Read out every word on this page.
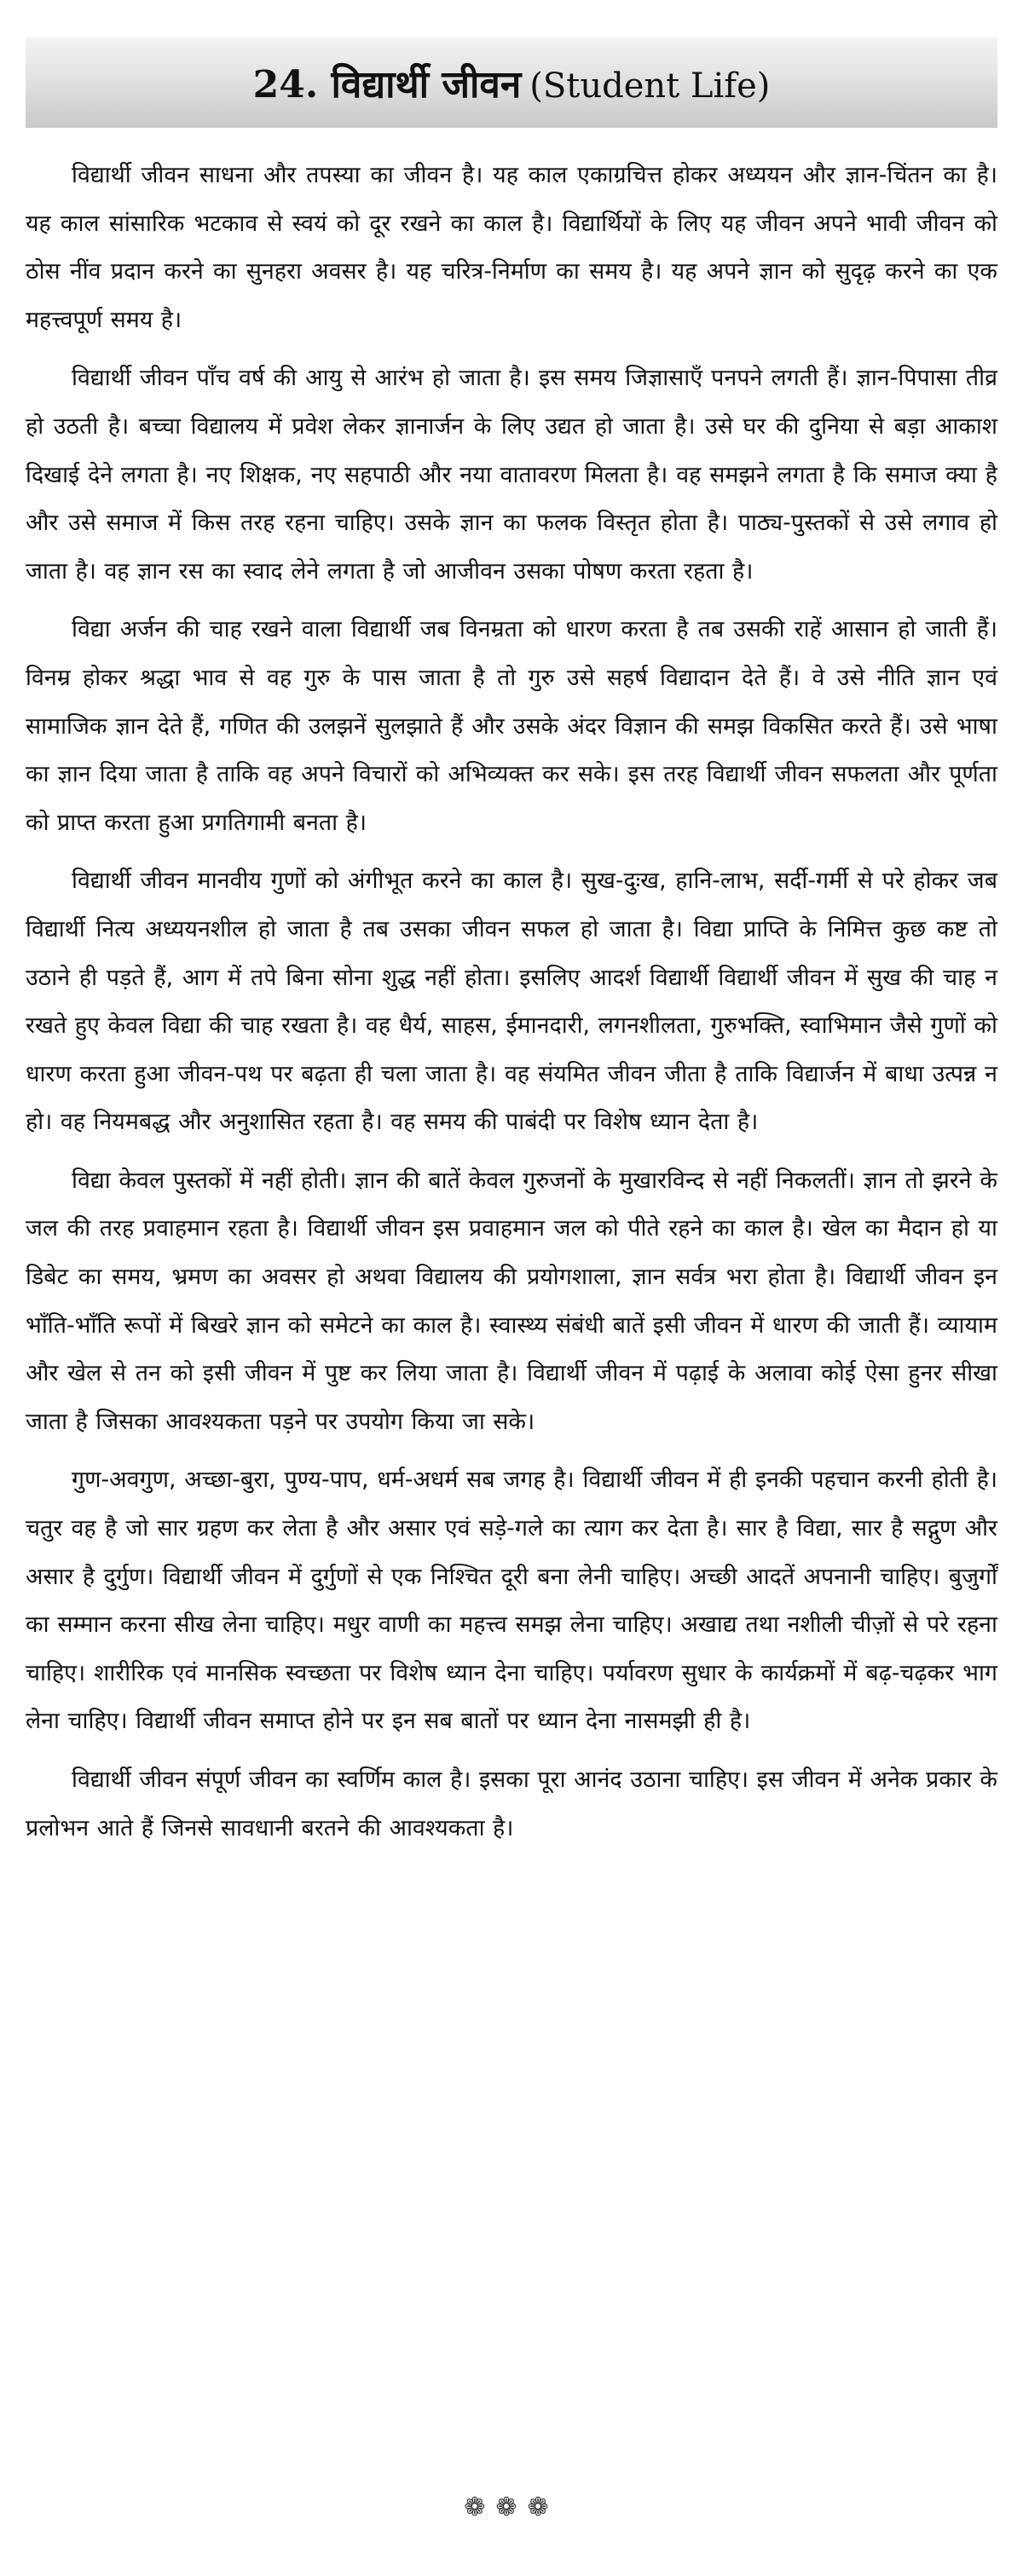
24. विद्यार्थी जीवन (Student Life)

विद्यार्थी जीवन साधना और तपस्या का जीवन है। यह काल एकाग्रचित्त होकर अध्ययन और ज्ञान-चिंतन का है। यह काल सांसारिक भटकाव से स्वयं को दूर रखने का काल है। विद्यार्थियों के लिए यह जीवन अपने भावी जीवन को ठोस नींव प्रदान करने का सुनहरा अवसर है। यह चरित्र-निर्माण का समय है। यह अपने ज्ञान को सुदृढ़ करने का एक महत्त्वपूर्ण समय है।

विद्यार्थी जीवन पाँच वर्ष की आयु से आरंभ हो जाता है। इस समय जिज्ञासाएँ पनपने लगती हैं। ज्ञान-पिपासा तीव्र हो उठती है। बच्चा विद्यालय में प्रवेश लेकर ज्ञानार्जन के लिए उद्यत हो जाता है। उसे घर की दुनिया से बड़ा आकाश दिखाई देने लगता है। नए शिक्षक, नए सहपाठी और नया वातावरण मिलता है। वह समझने लगता है कि समाज क्या है और उसे समाज में किस तरह रहना चाहिए। उसके ज्ञान का फलक विस्तृत होता है। पाठ्य-पुस्तकों से उसे लगाव हो जाता है। वह ज्ञान रस का स्वाद लेने लगता है जो आजीवन उसका पोषण करता रहता है।

विद्या अर्जन की चाह रखने वाला विद्यार्थी जब विनम्रता को धारण करता है तब उसकी राहें आसान हो जाती हैं। विनम्र होकर श्रद्धा भाव से वह गुरु के पास जाता है तो गुरु उसे सहर्ष विद्यादान देते हैं। वे उसे नीति ज्ञान एवं सामाजिक ज्ञान देते हैं, गणित की उलझनें सुलझाते हैं और उसके अंदर विज्ञान की समझ विकसित करते हैं। उसे भाषा का ज्ञान दिया जाता है ताकि वह अपने विचारों को अभिव्यक्त कर सके। इस तरह विद्यार्थी जीवन सफलता और पूर्णता को प्राप्त करता हुआ प्रगतिगामी बनता है।

विद्यार्थी जीवन मानवीय गुणों को अंगीभूत करने का काल है। सुख-दुःख, हानि-लाभ, सर्दी-गर्मी से परे होकर जब विद्यार्थी नित्य अध्ययनशील हो जाता है तब उसका जीवन सफल हो जाता है। विद्या प्राप्ति के निमित्त कुछ कष्ट तो उठाने ही पड़ते हैं, आग में तपे बिना सोना शुद्ध नहीं होता। इसलिए आदर्श विद्यार्थी विद्यार्थी जीवन में सुख की चाह न रखते हुए केवल विद्या की चाह रखता है। वह धैर्य, साहस, ईमानदारी, लगनशीलता, गुरुभक्ति, स्वाभिमान जैसे गुणों को धारण करता हुआ जीवन-पथ पर बढ़ता ही चला जाता है। वह संयमित जीवन जीता है ताकि विद्यार्जन में बाधा उत्पन्न न हो। वह नियमबद्ध और अनुशासित रहता है। वह समय की पाबंदी पर विशेष ध्यान देता है।

विद्या केवल पुस्तकों में नहीं होती। ज्ञान की बातें केवल गुरुजनों के मुखारविन्द से नहीं निकलतीं। ज्ञान तो झरने के जल की तरह प्रवाहमान रहता है। विद्यार्थी जीवन इस प्रवाहमान जल को पीते रहने का काल है। खेल का मैदान हो या डिबेट का समय, भ्रमण का अवसर हो अथवा विद्यालय की प्रयोगशाला, ज्ञान सर्वत्र भरा होता है। विद्यार्थी जीवन इन भाँति-भाँति रूपों में बिखरे ज्ञान को समेटने का काल है। स्वास्थ्य संबंधी बातें इसी जीवन में धारण की जाती हैं। व्यायाम और खेल से तन को इसी जीवन में पुष्ट कर लिया जाता है। विद्यार्थी जीवन में पढ़ाई के अलावा कोई ऐसा हुनर सीखा जाता है जिसका आवश्यकता पड़ने पर उपयोग किया जा सके।

गुण-अवगुण, अच्छा-बुरा, पुण्य-पाप, धर्म-अधर्म सब जगह है। विद्यार्थी जीवन में ही इनकी पहचान करनी होती है। चतुर वह है जो सार ग्रहण कर लेता है और असार एवं सड़े-गले का त्याग कर देता है। सार है विद्या, सार है सद्गुण और असार है दुर्गुण। विद्यार्थी जीवन में दुर्गुणों से एक निश्चित दूरी बना लेनी चाहिए। अच्छी आदतें अपनानी चाहिए। बुजुर्गों का सम्मान करना सीख लेना चाहिए। मधुर वाणी का महत्त्व समझ लेना चाहिए। अखाद्य तथा नशीली चीज़ों से परे रहना चाहिए। शारीरिक एवं मानसिक स्वच्छता पर विशेष ध्यान देना चाहिए। पर्यावरण सुधार के कार्यक्रमों में बढ़-चढ़कर भाग लेना चाहिए। विद्यार्थी जीवन समाप्त होने पर इन सब बातों पर ध्यान देना नासमझी ही है।

विद्यार्थी जीवन संपूर्ण जीवन का स्वर्णिम काल है। इसका पूरा आनंद उठाना चाहिए। इस जीवन में अनेक प्रकार के प्रलोभन आते हैं जिनसे सावधानी बरतने की आवश्यकता है।

❁❁❁
